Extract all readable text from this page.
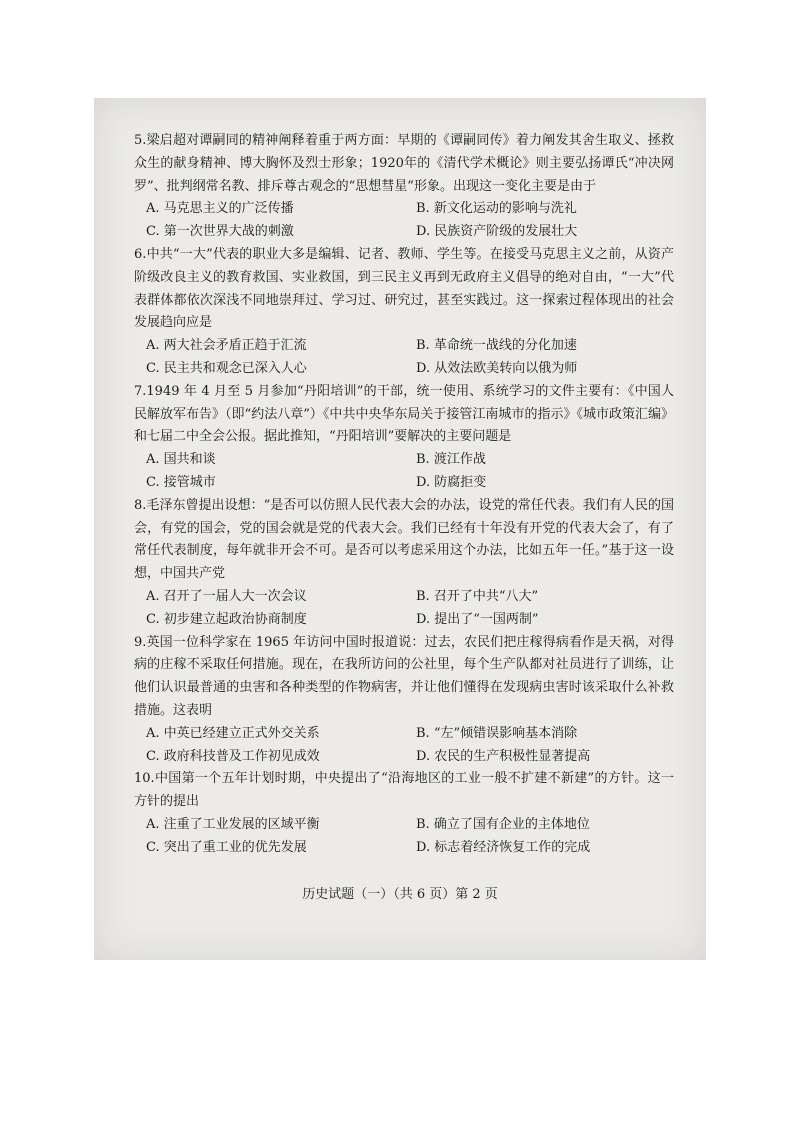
5.梁启超对谭嗣同的精神阐释着重于两方面：早期的《谭嗣同传》着力阐发其舍生取义、拯救众生的献身精神、博大胸怀及烈士形象；1920年的《清代学术概论》则主要弘扬谭氏“冲决网罗”、批判纲常名教、排斥尊古观念的“思想彗星”形象。出现这一变化主要是由于

A. 马克思主义的广泛传播	B. 新文化运动的影响与洗礼
C. 第一次世界大战的刺激	D. 民族资产阶级的发展壮大

6.中共“一大”代表的职业大多是编辑、记者、教师、学生等。在接受马克思主义之前，从资产阶级改良主义的教育救国、实业救国，到三民主义再到无政府主义倡导的绝对自由，“一大”代表群体都依次深浅不同地崇拜过、学习过、研究过，甚至实践过。这一探索过程体现出的社会发展趋向应是

A. 两大社会矛盾正趋于汇流	B. 革命统一战线的分化加速
C. 民主共和观念已深入人心	D. 从效法欧美转向以俄为师

7.1949 年 4 月至 5 月参加“丹阳培训”的干部，统一使用、系统学习的文件主要有：《中国人民解放军布告》（即“约法八章”）《中共中央华东局关于接管江南城市的指示》《城市政策汇编》和七届二中全会公报。据此推知，“丹阳培训”要解决的主要问题是

A. 国共和谈	B. 渡江作战
C. 接管城市	D. 防腐拒变

8.毛泽东曾提出设想：“是否可以仿照人民代表大会的办法，设党的常任代表。我们有人民的国会，有党的国会，党的国会就是党的代表大会。我们已经有十年没有开党的代表大会了，有了常任代表制度，每年就非开会不可。是否可以考虑采用这个办法，比如五年一任。”基于这一设想，中国共产党

A. 召开了一届人大一次会议	B. 召开了中共“八大”
C. 初步建立起政治协商制度	D. 提出了“一国两制”

9.英国一位科学家在 1965 年访问中国时报道说：过去，农民们把庄稼得病看作是天祸，对得病的庄稼不采取任何措施。现在，在我所访问的公社里，每个生产队都对社员进行了训练，让他们认识最普通的虫害和各种类型的作物病害，并让他们懂得在发现病虫害时该采取什么补救措施。这表明

A. 中英已经建立正式外交关系	B. “左”倾错误影响基本消除
C. 政府科技普及工作初见成效	D. 农民的生产积极性显著提高

10.中国第一个五年计划时期，中央提出了“沿海地区的工业一般不扩建不新建”的方针。这一方针的提出

A. 注重了工业发展的区域平衡	B. 确立了国有企业的主体地位
C. 突出了重工业的优先发展	D. 标志着经济恢复工作的完成
历史试题（一）（共 6 页）第 2 页
